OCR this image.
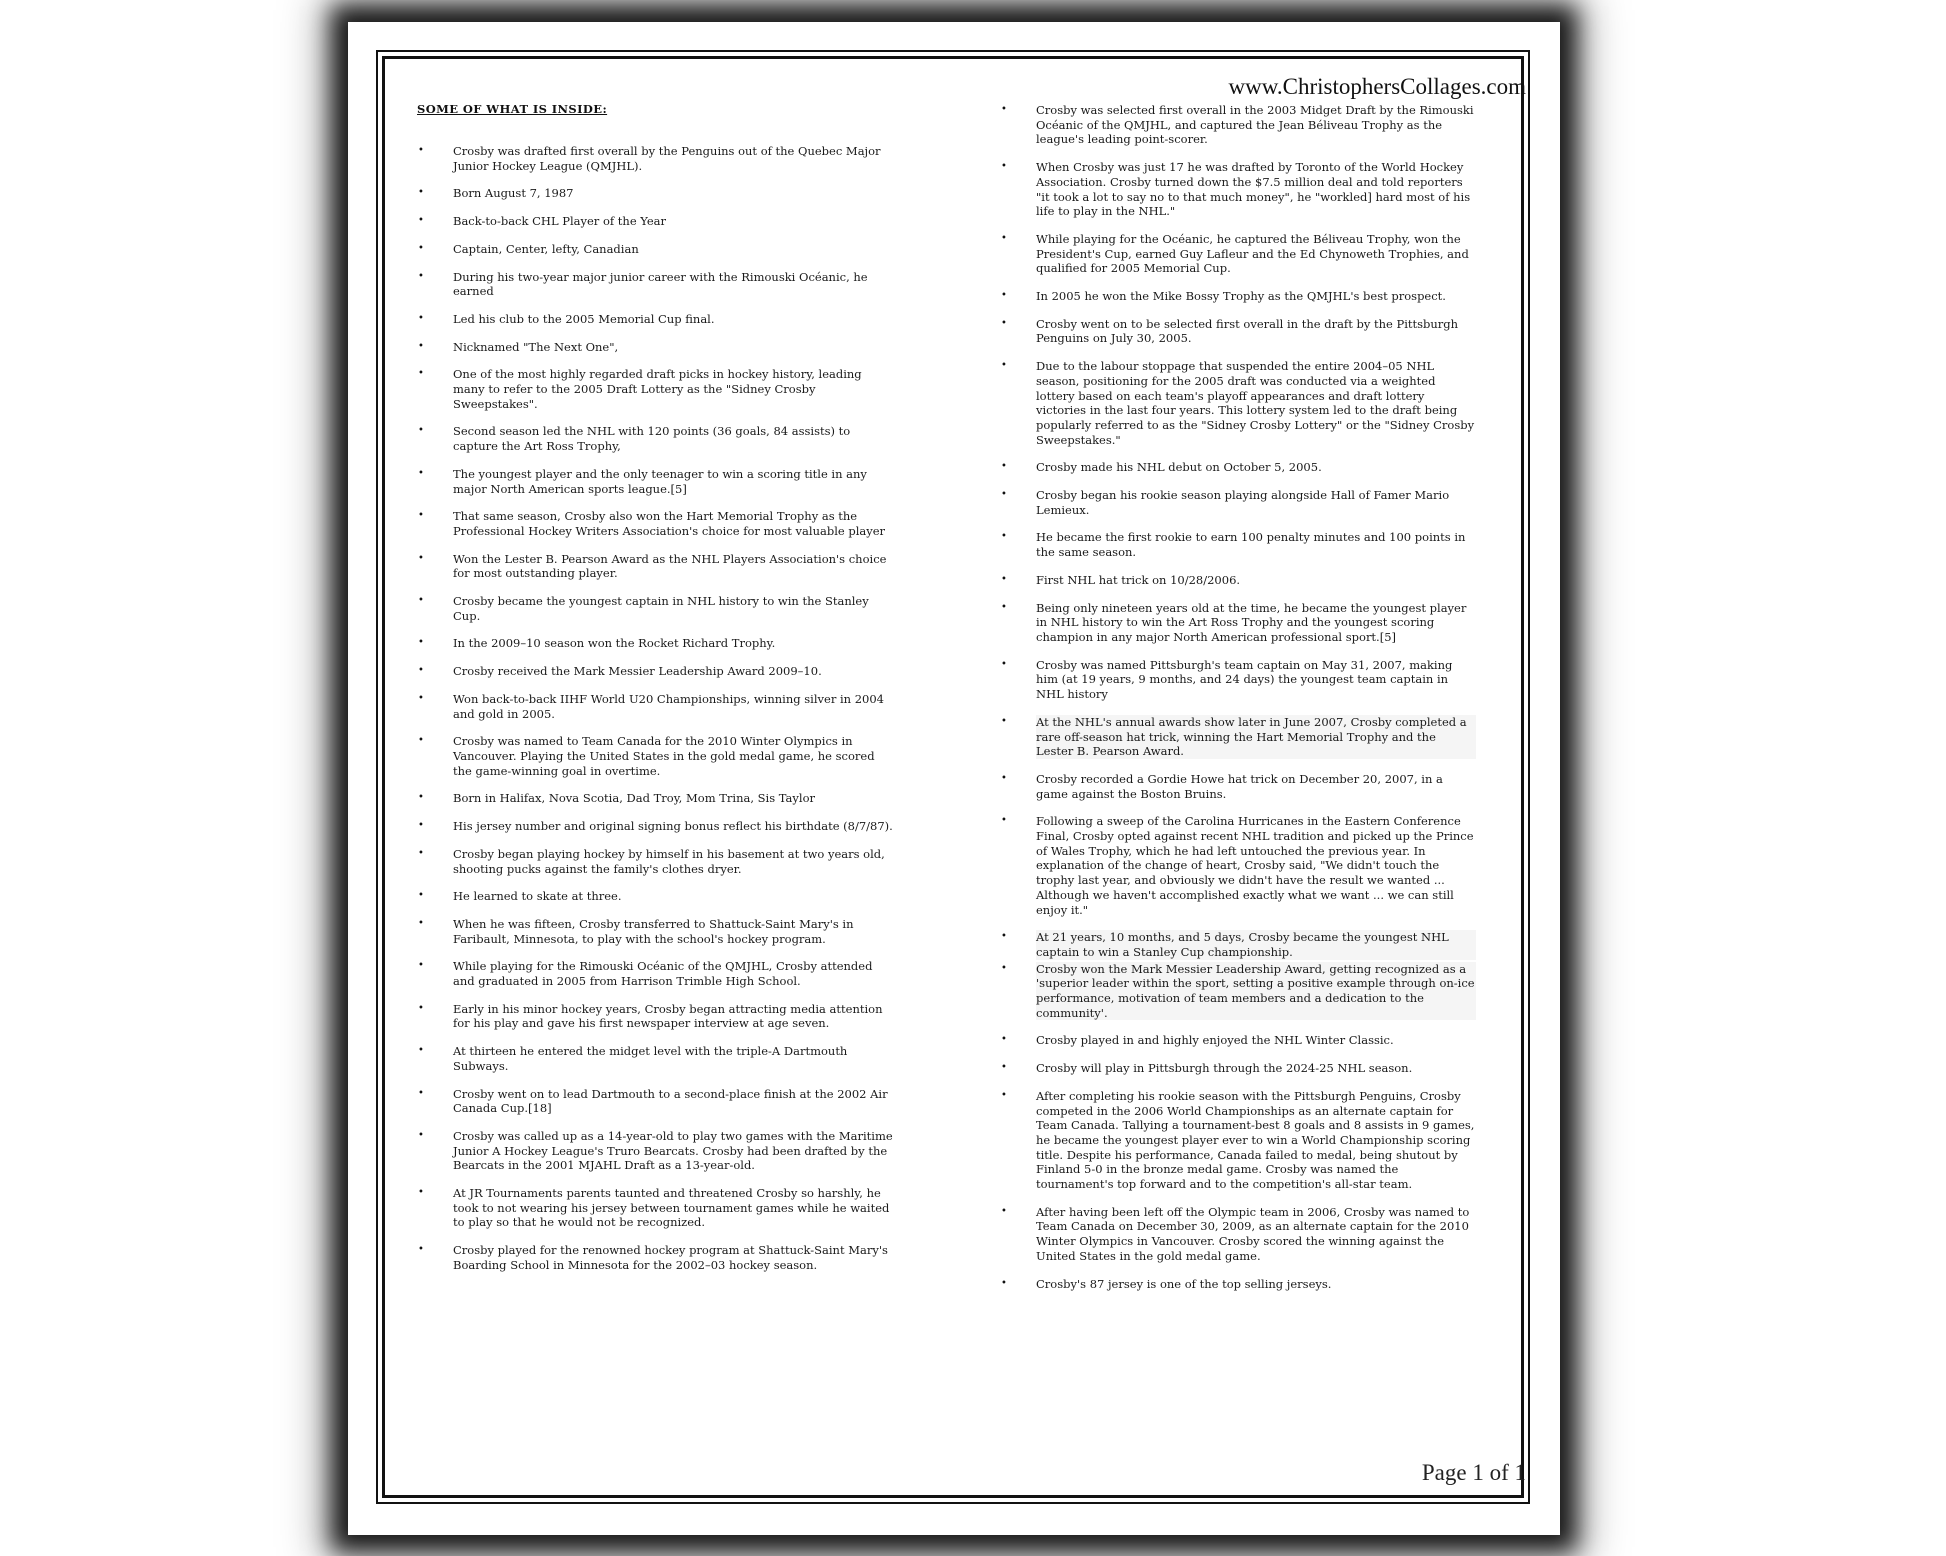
www.ChristophersCollages.com
SOME OF WHAT IS INSIDE:
• Crosby was drafted first overall by the Penguins out of the Quebec Major Junior Hockey League (QMJHL).
• Born August 7, 1987
• Back-to-back CHL Player of the Year
• Captain, Center, lefty, Canadian
• During his two-year major junior career with the Rimouski Océanic, he earned
• Led his club to the 2005 Memorial Cup final.
• Nicknamed "The Next One",
• One of the most highly regarded draft picks in hockey history, leading many to refer to the 2005 Draft Lottery as the "Sidney Crosby Sweepstakes".
• Second season led the NHL with 120 points (36 goals, 84 assists) to capture the Art Ross Trophy,
• The youngest player and the only teenager to win a scoring title in any major North American sports league.[5]
• That same season, Crosby also won the Hart Memorial Trophy as the Professional Hockey Writers Association's choice for most valuable player
• Won the Lester B. Pearson Award as the NHL Players Association's choice for most outstanding player.
• Crosby became the youngest captain in NHL history to win the Stanley Cup.
• In the 2009–10 season won the Rocket Richard Trophy.
• Crosby received the Mark Messier Leadership Award 2009–10.
• Won back-to-back IIHF World U20 Championships, winning silver in 2004 and gold in 2005.
• Crosby was named to Team Canada for the 2010 Winter Olympics in Vancouver. Playing the United States in the gold medal game, he scored the game-winning goal in overtime.
• Born in Halifax, Nova Scotia, Dad Troy, Mom Trina, Sis Taylor
• His jersey number and original signing bonus reflect his birthdate (8/7/87).
• Crosby began playing hockey by himself in his basement at two years old, shooting pucks against the family's clothes dryer.
• He learned to skate at three.
• When he was fifteen, Crosby transferred to Shattuck-Saint Mary's in Faribault, Minnesota, to play with the school's hockey program.
• While playing for the Rimouski Océanic of the QMJHL, Crosby attended and graduated in 2005 from Harrison Trimble High School.
• Early in his minor hockey years, Crosby began attracting media attention for his play and gave his first newspaper interview at age seven.
• At thirteen he entered the midget level with the triple-A Dartmouth Subways.
• Crosby went on to lead Dartmouth to a second-place finish at the 2002 Air Canada Cup.[18]
• Crosby was called up as a 14-year-old to play two games with the Maritime Junior A Hockey League's Truro Bearcats. Crosby had been drafted by the Bearcats in the 2001 MJAHL Draft as a 13-year-old.
• At JR Tournaments parents taunted and threatened Crosby so harshly, he took to not wearing his jersey between tournament games while he waited to play so that he would not be recognized.
• Crosby played for the renowned hockey program at Shattuck-Saint Mary's Boarding School in Minnesota for the 2002–03 hockey season.
• Crosby was selected first overall in the 2003 Midget Draft by the Rimouski Océanic of the QMJHL, and captured the Jean Béliveau Trophy as the league's leading point-scorer.
• When Crosby was just 17 he was drafted by Toronto of the World Hockey Association. Crosby turned down the $7.5 million deal and told reporters "it took a lot to say no to that much money", he "workled] hard most of his life to play in the NHL."
• While playing for the Océanic, he captured the Béliveau Trophy, won the President's Cup, earned Guy Lafleur and the Ed Chynoweth Trophies, and qualified for 2005 Memorial Cup.
• In 2005 he won the Mike Bossy Trophy as the QMJHL's best prospect.
• Crosby went on to be selected first overall in the draft by the Pittsburgh Penguins on July 30, 2005.
• Due to the labour stoppage that suspended the entire 2004–05 NHL season, positioning for the 2005 draft was conducted via a weighted lottery based on each team's playoff appearances and draft lottery victories in the last four years. This lottery system led to the draft being popularly referred to as the "Sidney Crosby Lottery" or the "Sidney Crosby Sweepstakes."
• Crosby made his NHL debut on October 5, 2005.
• Crosby began his rookie season playing alongside Hall of Famer Mario Lemieux.
• He became the first rookie to earn 100 penalty minutes and 100 points in the same season.
• First NHL hat trick on 10/28/2006.
• Being only nineteen years old at the time, he became the youngest player in NHL history to win the Art Ross Trophy and the youngest scoring champion in any major North American professional sport.[5]
• Crosby was named Pittsburgh's team captain on May 31, 2007, making him (at 19 years, 9 months, and 24 days) the youngest team captain in NHL history
• At the NHL's annual awards show later in June 2007, Crosby completed a rare off-season hat trick, winning the Hart Memorial Trophy and the Lester B. Pearson Award.
• Crosby recorded a Gordie Howe hat trick on December 20, 2007, in a game against the Boston Bruins.
• Following a sweep of the Carolina Hurricanes in the Eastern Conference Final, Crosby opted against recent NHL tradition and picked up the Prince of Wales Trophy, which he had left untouched the previous year. In explanation of the change of heart, Crosby said, "We didn't touch the trophy last year, and obviously we didn't have the result we wanted ... Although we haven't accomplished exactly what we want ... we can still enjoy it."
• At 21 years, 10 months, and 5 days, Crosby became the youngest NHL captain to win a Stanley Cup championship.
• Crosby won the Mark Messier Leadership Award, getting recognized as a 'superior leader within the sport, setting a positive example through on-ice performance, motivation of team members and a dedication to the community'.
• Crosby played in and highly enjoyed the NHL Winter Classic.
• Crosby will play in Pittsburgh through the 2024-25 NHL season.
• After completing his rookie season with the Pittsburgh Penguins, Crosby competed in the 2006 World Championships as an alternate captain for Team Canada. Tallying a tournament-best 8 goals and 8 assists in 9 games, he became the youngest player ever to win a World Championship scoring title. Despite his performance, Canada failed to medal, being shutout by Finland 5-0 in the bronze medal game. Crosby was named the tournament's top forward and to the competition's all-star team.
• After having been left off the Olympic team in 2006, Crosby was named to Team Canada on December 30, 2009, as an alternate captain for the 2010 Winter Olympics in Vancouver. Crosby scored the winning against the United States in the gold medal game.
• Crosby's 87 jersey is one of the top selling jerseys.
Page 1 of 1
